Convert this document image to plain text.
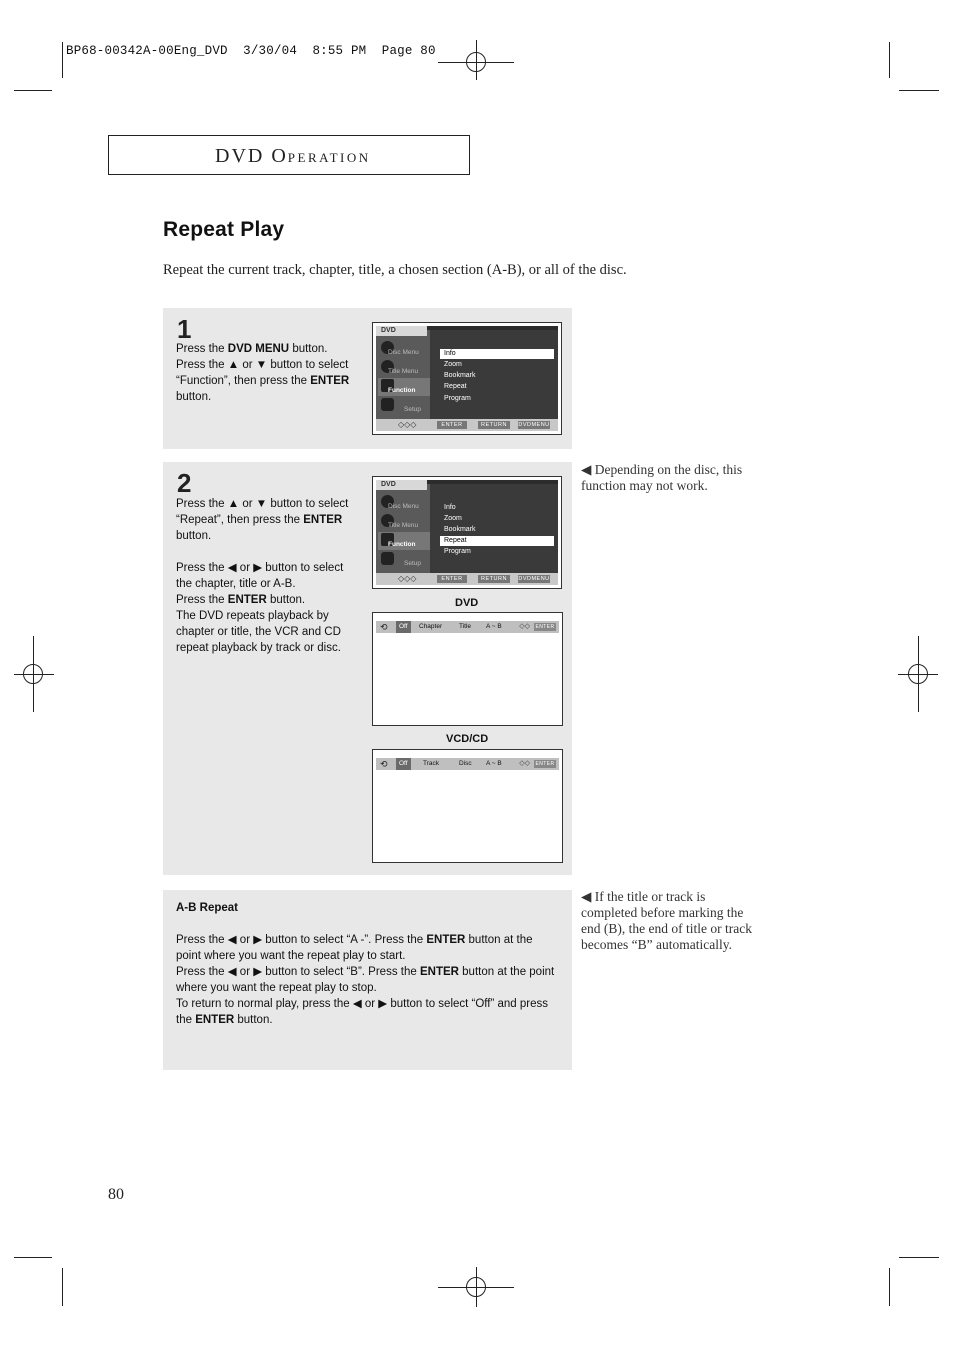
BP68-00342A-00Eng_DVD  3/30/04  8:55 PM  Page 80
DVD OPERATION
Repeat Play
Repeat the current track, chapter, title, a chosen section (A-B), or all of the disc.
1
Press the DVD MENU button.
Press the ▲ or ▼ button to select
“Function”, then press the ENTER
button.
DVD
Disc Menu
Title Menu
Function
Setup
Info
Zoom
Bookmark
Repeat
Program
◇◇◇	ENTER	RETURN	DVDMENU
2
Press the ▲ or ▼ button to select
“Repeat”, then press the ENTER
button.
Press the ◀ or ▶ button to select
the chapter, title or A-B.
Press the ENTER button.
The DVD repeats playback by
chapter or title, the VCR and CD
repeat playback by track or disc.
DVD
Disc Menu
Title Menu
Function
Setup
Info
Zoom
Bookmark
Repeat
Program
◇◇◇	ENTER	RETURN	DVDMENU
DVD
⟲	Off	Chapter	Title A ~ B ◇◇	ENTER
VCD/CD
⟲	Off	Track	Disc A ~ B ◇◇	ENTER
A-B Repeat
Press the ◀ or ▶ button to select “A -”. Press the ENTER button at the
point where you want the repeat play to start.
Press the ◀ or ▶ button to select “B”. Press the ENTER button at the point
where you want the repeat play to stop.
To return to normal play, press the ◀ or ▶ button to select “Off” and press
the ENTER button.
◀ Depending on the disc, this
function may not work.
◀ If the title or track is
completed before marking the
end (B), the end of title or track
becomes “B” automatically.
80
